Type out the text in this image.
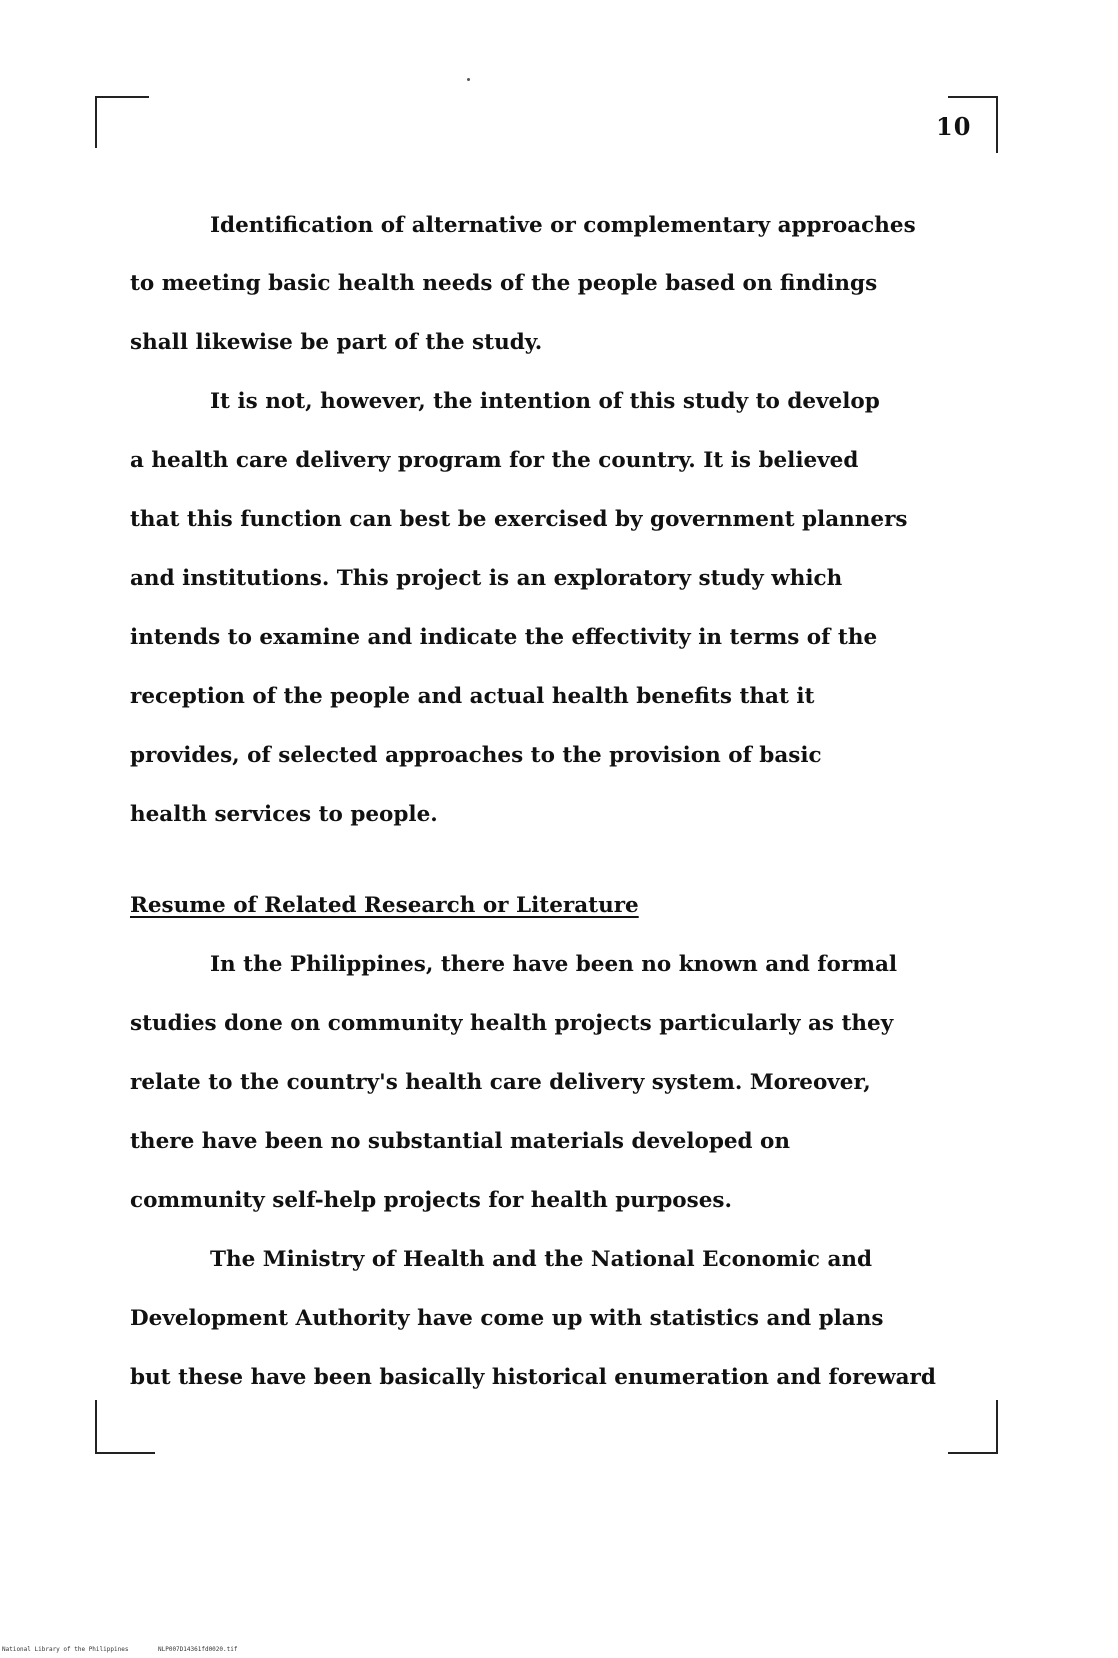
10
Identification of alternative or complementary approaches
to meeting basic health needs of the people based on findings
shall likewise be part of the study.
It is not, however, the intention of this study to develop
a health care delivery program for the country. It is believed
that this function can best be exercised by government planners
and institutions. This project is an exploratory study which
intends to examine and indicate the effectivity in terms of the
reception of the people and actual health benefits that it
provides, of selected approaches to the provision of basic
health services to people.
Resume of Related Research or Literature
In the Philippines, there have been no known and formal
studies done on community health projects particularly as they
relate to the country's health care delivery system. Moreover,
there have been no substantial materials developed on
community self-help projects for health purposes.
The Ministry of Health and the National Economic and
Development Authority have come up with statistics and plans
but these have been basically historical enumeration and foreward
National Library of the Philippines	NLP007D14361fd0020.tif
